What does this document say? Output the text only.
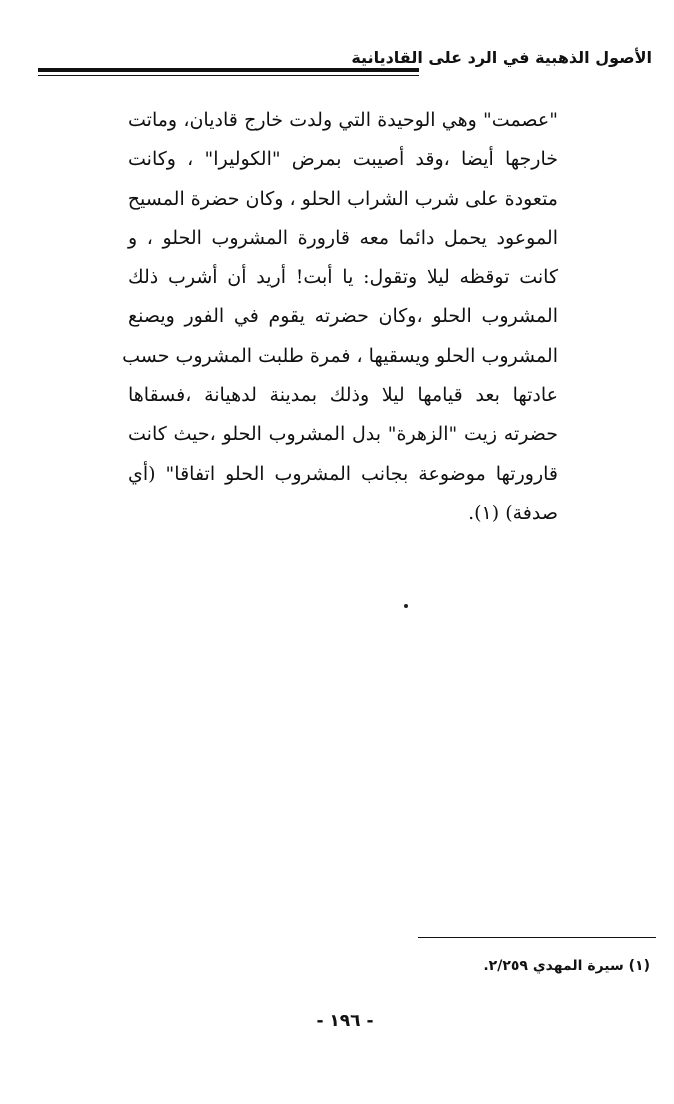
الأصول الذهبية في الرد على القاديانية
"عصمت" وهي الوحيدة التي ولدت خارج قاديان، وماتت
خارجها أيضا ،وقد أصيبت بمرض "الكوليرا" ، وكانت
متعودة على شرب الشراب الحلو ، وكان حضرة المسيح
الموعود يحمل دائما معه قارورة المشروب الحلو ، و
كانت توقظه ليلا وتقول: يا أبت! أريد أن أشرب ذلك
المشروب الحلو ،وكان حضرته يقوم في الفور ويصنع
المشروب الحلو ويسقيها ، فمرة طلبت المشروب حسب
عادتها بعد قيامها ليلا وذلك بمدينة لدهيانة ،فسقاها
حضرته زيت "الزهرة" بدل المشروب الحلو ،حيث كانت
قارورتها موضوعة بجانب المشروب الحلو اتفاقا" (أي
صدفة) (١).
(١) سيرة المهدي ٢/٢٥٩.
- ١٩٦ -
